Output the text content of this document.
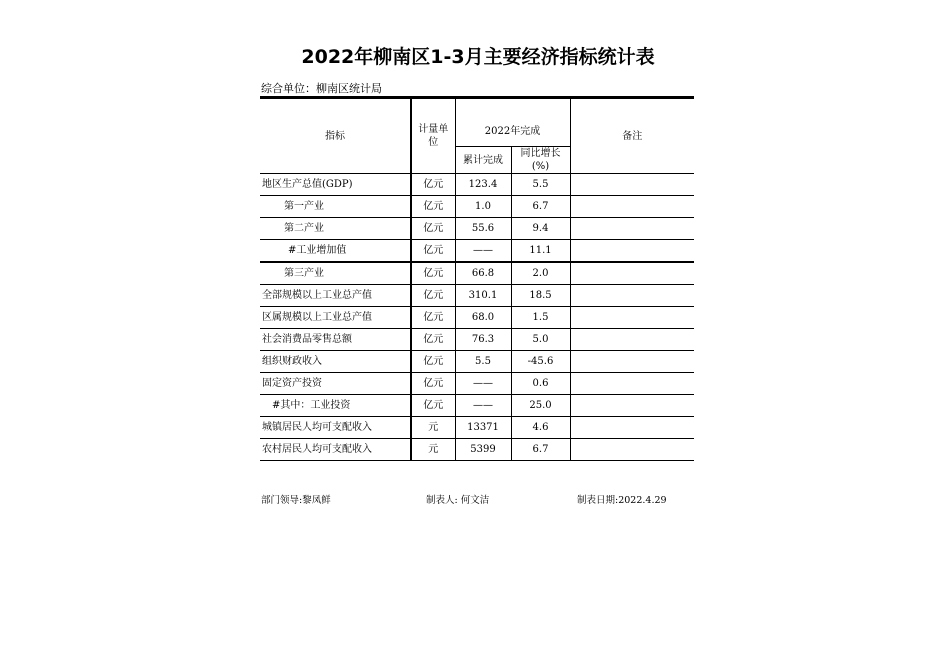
2022年柳南区1-3月主要经济指标统计表
综合单位：柳南区统计局
指标	计量单位	2022年完成		备注
		累计完成	同比增长
(%)	

地区生产总值(GDP)	亿元	123.4	5.5	
第一产业	亿元	1.0	6.7	
第二产业	亿元	55.6	9.4	
#工业增加值	亿元	——	11.1	
第三产业	亿元	66.8	2.0	
全部规模以上工业总产值	亿元	310.1	18.5	
区属规模以上工业总产值	亿元	68.0	1.5	
社会消费品零售总额	亿元	76.3	5.0	
组织财政收入	亿元	5.5	-45.6	
固定资产投资	亿元	——	0.6	
#其中：工业投资	亿元	——	25.0	
城镇居民人均可支配收入	元	13371	4.6	
农村居民人均可支配收入	元	5399	6.7	
部门领导:黎凤鲜	制表人: 何文洁	制表日期:2022.4.29
